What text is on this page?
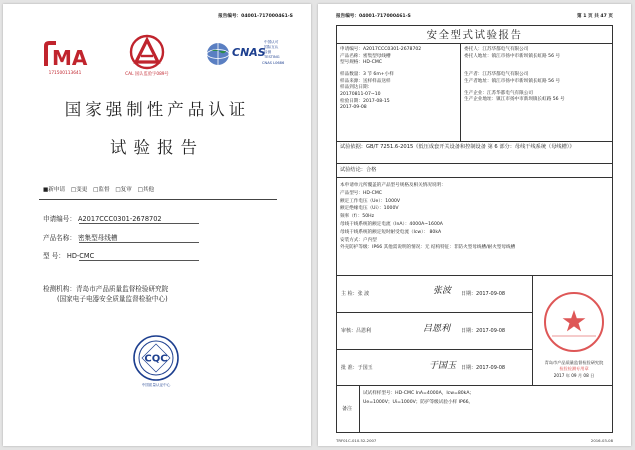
报告编号：04001-717000461-S
MA
171500113641	CAL 国认监验字089号
CNAS
中国认可
国际互认
检测
TESTING
CNAS L0686
国家强制性产品认证
试验报告
■新申请 □变更 □监督 □复审 □其他
申请编号： A2017CCC0301-2678702
产品名称： 密集型母线槽
型 号： HD-CMC
检测机构：青岛市产品质量监督检验研究院
(国家电子电器安全质量监督检验中心)
CQC
中国质量认证中心
报告编号：04001-717000461-S	第 1 页 共 47 页
安全型式试验报告
申请编号：A2017CCC0301-2678702
产品名称：密集型母线槽
型号规格：HD-CMC
样品数量：3 节 6m+小样
样品来源：送样样品送样
样品到达日期：
20170811-07~10
检验日期：2017-08-15
2017-09-08
委托人：江苏华都电气有限公司
委托人地址：镇江市扬中市新坝镇长虹路 56 号
生产者：江苏华都电气有限公司
生产者地址：镇江市扬中市新坝镇长虹路 56 号
生产企业：江苏华都电气有限公司
生产企业地址：镇江市扬中市新坝镇长虹路 56 号
试验依据：GB/T 7251.6-2015《低压成套开关设备和控制设备 第 6 部分：母线干线系统（母线槽）》
试验结论：合格
本申请单元所覆盖的产品型号规格及相关情况说明：
产品型号：HD-CMC
额定工作电压（Ue）：1000V
额定绝缘电压（Ui）：1000V
频率（f）：50Hz
母线干线系统的额定电流（InA）：4000A~1600A
母线干线系统的额定短时耐受电流（Icw）： 80kA
安装方式：户内型
外壳防护等级：IP66 其他需说明的情况：无 结构特征：非防火型母线槽/耐火型母线槽
主 检：张 波	张波 日期：2017-09-08
审核：吕恩利	吕恩利 日期：2017-09-08
批 准：于国玉	于国玉 日期：2017-09-08
青岛市产品质量监督检验研究院
检验检测专用章
2017 年 09 月 08 日
备注
试试样样型号：HD-CMC InA=4000A，Icw=80kA；
Ue=1000V；Ui=1000V；防护等级试验小样 IP66。
TRF01C-010.52-2007	2016-03-08
